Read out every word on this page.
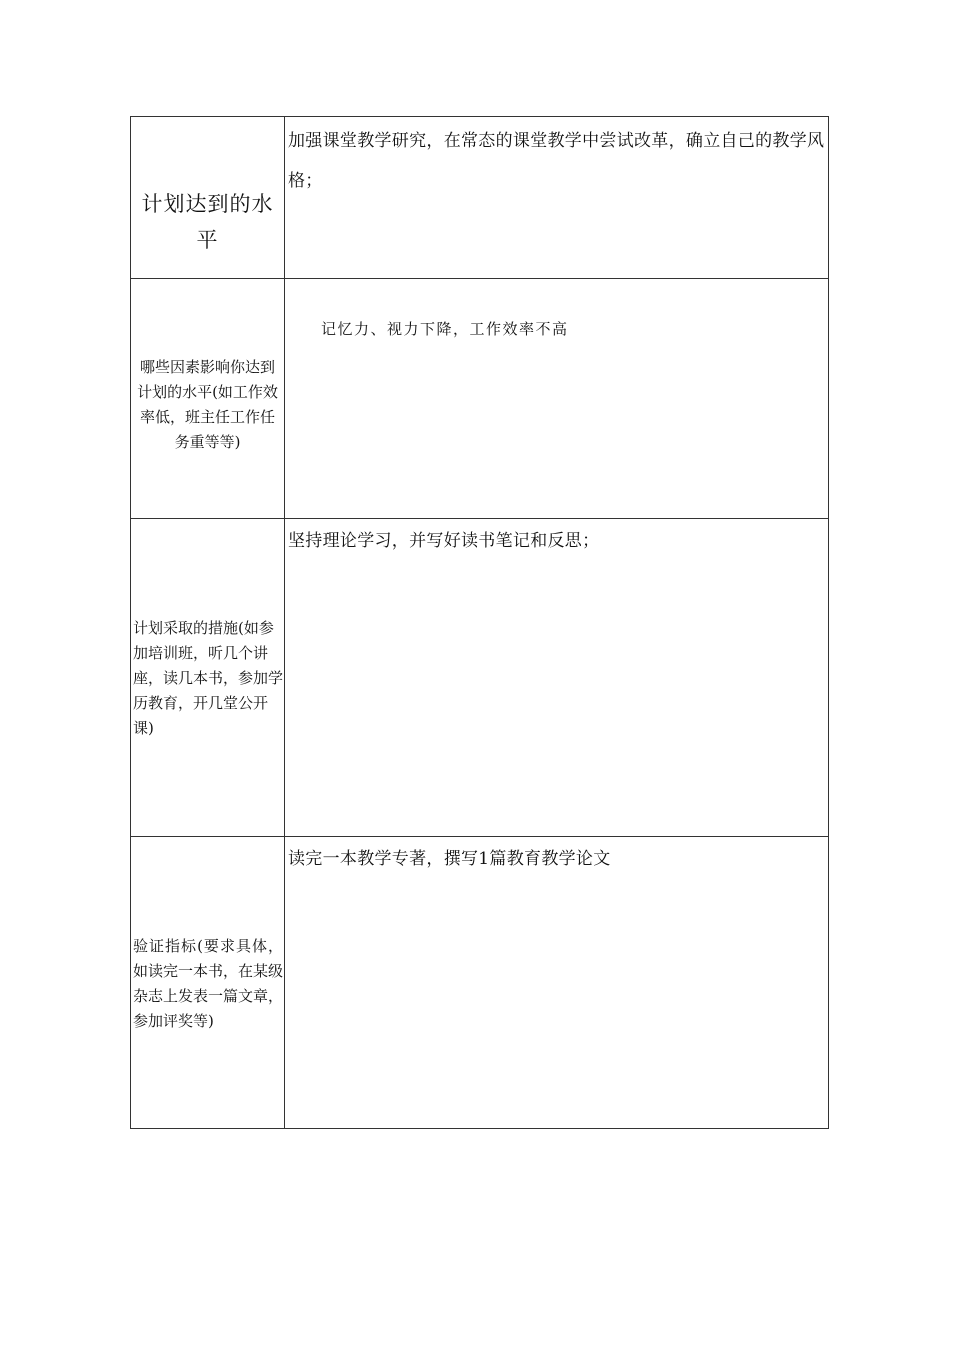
计划达到的水平	加强课堂教学研究，在常态的课堂教学中尝试改革，确立自己的教学风格；

哪些因素影响你达到计划的水平(如工作效率低，班主任工作任务重等等)	记忆力、视力下降，工作效率不高

计划采取的措施(如参加培训班，听几个讲座，读几本书，参加学历教育，开几堂公开课)	坚持理论学习，并写好读书笔记和反思；

验证指标(要求具体，如读完一本书，在某级杂志上发表一篇文章，参加评奖等)	读完一本教学专著，撰写1篇教育教学论文
